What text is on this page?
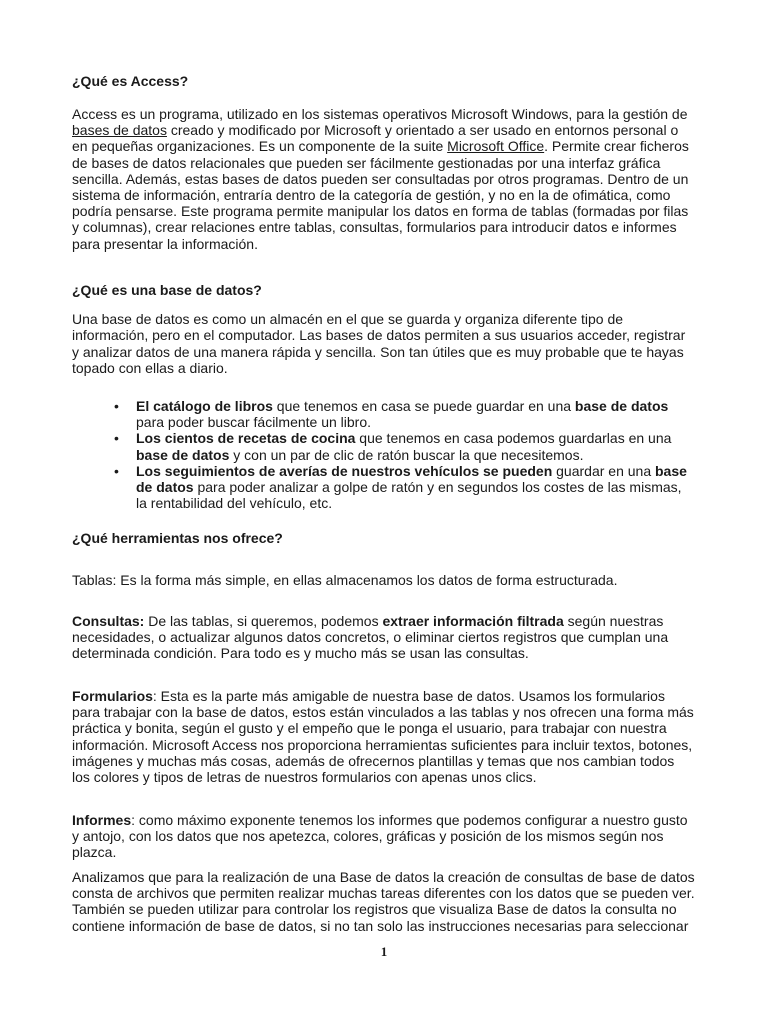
¿Qué es Access?

Access es un programa, utilizado en los sistemas operativos Microsoft Windows, para la gestión de bases de datos creado y modificado por Microsoft y orientado a ser usado en entornos personal o en pequeñas organizaciones. Es un componente de la suite Microsoft Office. Permite crear ficheros de bases de datos relacionales que pueden ser fácilmente gestionadas por una interfaz gráfica sencilla. Además, estas bases de datos pueden ser consultadas por otros programas. Dentro de un sistema de información, entraría dentro de la categoría de gestión, y no en la de ofimática, como podría pensarse. Este programa permite manipular los datos en forma de tablas (formadas por filas y columnas), crear relaciones entre tablas, consultas, formularios para introducir datos e informes para presentar la información.

¿Qué es una base de datos?

Una base de datos es como un almacén en el que se guarda y organiza diferente tipo de información, pero en el computador. Las bases de datos permiten a sus usuarios acceder, registrar y analizar datos de una manera rápida y sencilla. Son tan útiles que es muy probable que te hayas topado con ellas a diario.

• El catálogo de libros que tenemos en casa se puede guardar en una base de datos para poder buscar fácilmente un libro.
• Los cientos de recetas de cocina que tenemos en casa podemos guardarlas en una base de datos y con un par de clic de ratón buscar la que necesitemos.
• Los seguimientos de averías de nuestros vehículos se pueden guardar en una base de datos para poder analizar a golpe de ratón y en segundos los costes de las mismas, la rentabilidad del vehículo, etc.
¿Qué herramientas nos ofrece?

Tablas: Es la forma más simple, en ellas almacenamos los datos de forma estructurada.

Consultas: De las tablas, si queremos, podemos extraer información filtrada según nuestras necesidades, o actualizar algunos datos concretos, o eliminar ciertos registros que cumplan una determinada condición. Para todo es y mucho más se usan las consultas.

Formularios: Esta es la parte más amigable de nuestra base de datos. Usamos los formularios para trabajar con la base de datos, estos están vinculados a las tablas y nos ofrecen una forma más práctica y bonita, según el gusto y el empeño que le ponga el usuario, para trabajar con nuestra información. Microsoft Access nos proporciona herramientas suficientes para incluir textos, botones, imágenes y muchas más cosas, además de ofrecernos plantillas y temas que nos cambian todos los colores y tipos de letras de nuestros formularios con apenas unos clics.

Informes: como máximo exponente tenemos los informes que podemos configurar a nuestro gusto y antojo, con los datos que nos apetezca, colores, gráficas y posición de los mismos según nos plazca.

Analizamos que para la realización de una Base de datos la creación de consultas de base de datos consta de archivos que permiten realizar muchas tareas diferentes con los datos que se pueden ver. También se pueden utilizar para controlar los registros que visualiza Base de datos la consulta no contiene información de base de datos, si no tan solo las instrucciones necesarias para seleccionar

1
